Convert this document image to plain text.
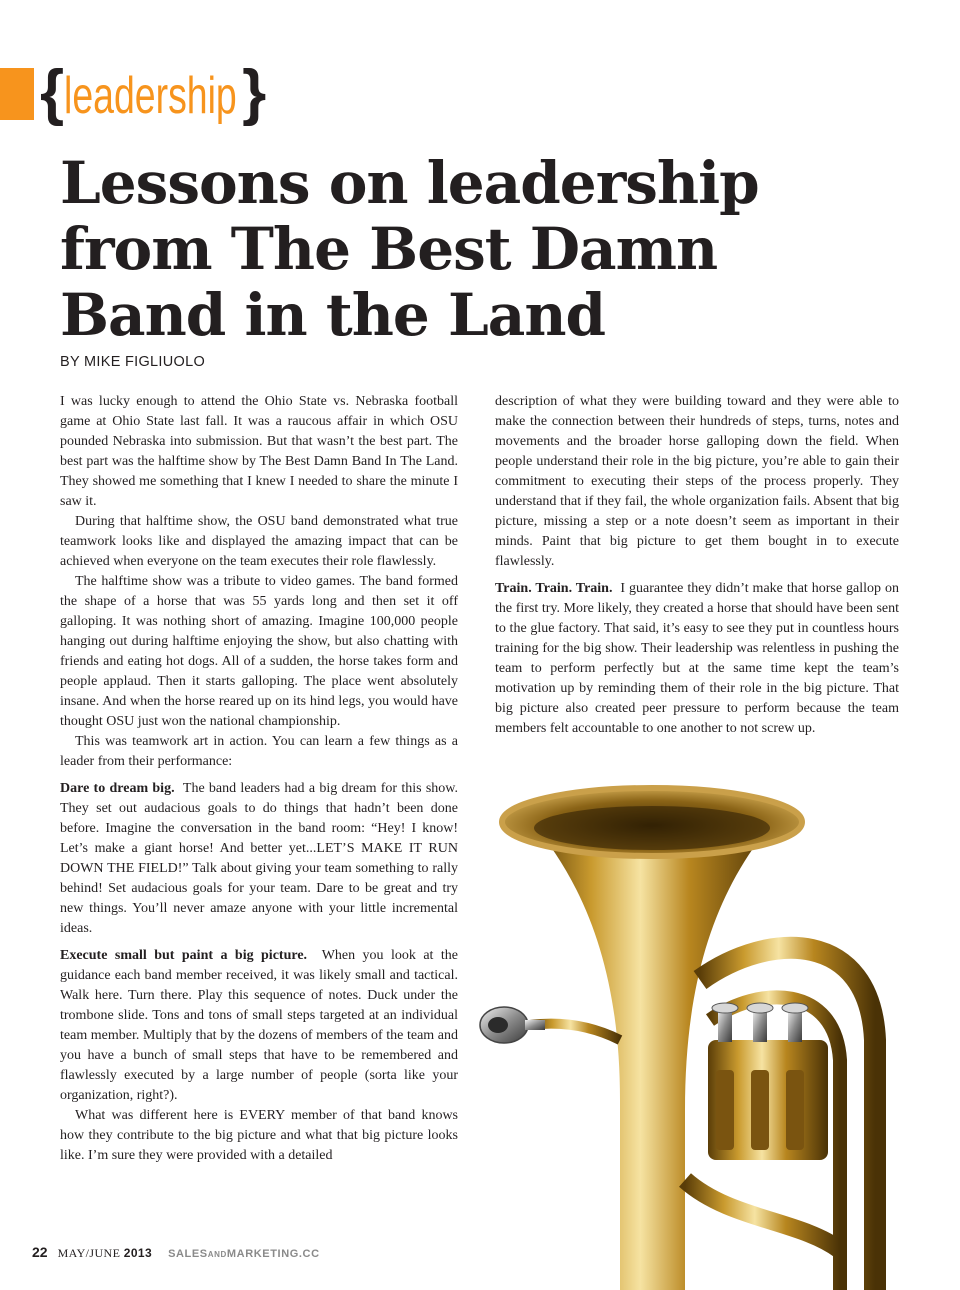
{leadership}
Lessons on leadership from The Best Damn Band in the Land
BY MIKE FIGLIUOLO

I was lucky enough to attend the Ohio State vs. Nebraska football game at Ohio State last fall. It was a raucous affair in which OSU pounded Nebraska into submission. But that wasn’t the best part. The best part was the halftime show by The Best Damn Band In The Land. They showed me something that I knew I needed to share the minute I saw it.

During that halftime show, the OSU band demonstrated what true teamwork looks like and displayed the amazing impact that can be achieved when everyone on the team executes their role flawlessly.

The halftime show was a tribute to video games. The band formed the shape of a horse that was 55 yards long and then set it off galloping. It was nothing short of amazing. Imagine 100,000 people hanging out during halftime enjoying the show, but also chatting with friends and eating hot dogs. All of a sudden, the horse takes form and people applaud. Then it starts galloping. The place went absolutely insane. And when the horse reared up on its hind legs, you would have thought OSU just won the national championship.

This was teamwork art in action. You can learn a few things as a leader from their performance:

Dare to dream big. The band leaders had a big dream for this show. They set out audacious goals to do things that hadn’t been done before. Imagine the conversation in the band room: “Hey! I know! Let’s make a giant horse! And better yet...LET’S MAKE IT RUN DOWN THE FIELD!” Talk about giving your team something to rally behind! Set audacious goals for your team. Dare to be great and try new things. You’ll never amaze anyone with your little incremental ideas.

Execute small but paint a big picture. When you look at the guidance each band member received, it was likely small and tactical. Walk here. Turn there. Play this sequence of notes. Duck under the trombone slide. Tons and tons of small steps targeted at an individual team member. Multiply that by the dozens of members of the team and you have a bunch of small steps that have to be remembered and flawlessly executed by a large number of people (sorta like your organization, right?).

What was different here is EVERY member of that band knows how they contribute to the big picture and what that big picture looks like. I’m sure they were provided with a detailed

description of what they were building toward and they were able to make the connection between their hundreds of steps, turns, notes and movements and the broader horse galloping down the field. When people understand their role in the big picture, you’re able to gain their commitment to executing their steps of the process properly. They understand that if they fail, the whole organization fails. Absent that big picture, missing a step or a note doesn’t seem as important in their minds. Paint that big picture to get them bought in to execute flawlessly.

Train. Train. Train. I guarantee they didn’t make that horse gallop on the first try. More likely, they created a horse that should have been sent to the glue factory. That said, it’s easy to see they put in countless hours training for the big show. Their leadership was relentless in pushing the team to perform perfectly but at the same time kept the team’s motivation up by reminding them of their role in the big picture. That big picture also created peer pressure to perform because the team members felt accountable to one another to not screw up.

22 MAY/JUNE 2013 SALESANDMARKETING.CC
